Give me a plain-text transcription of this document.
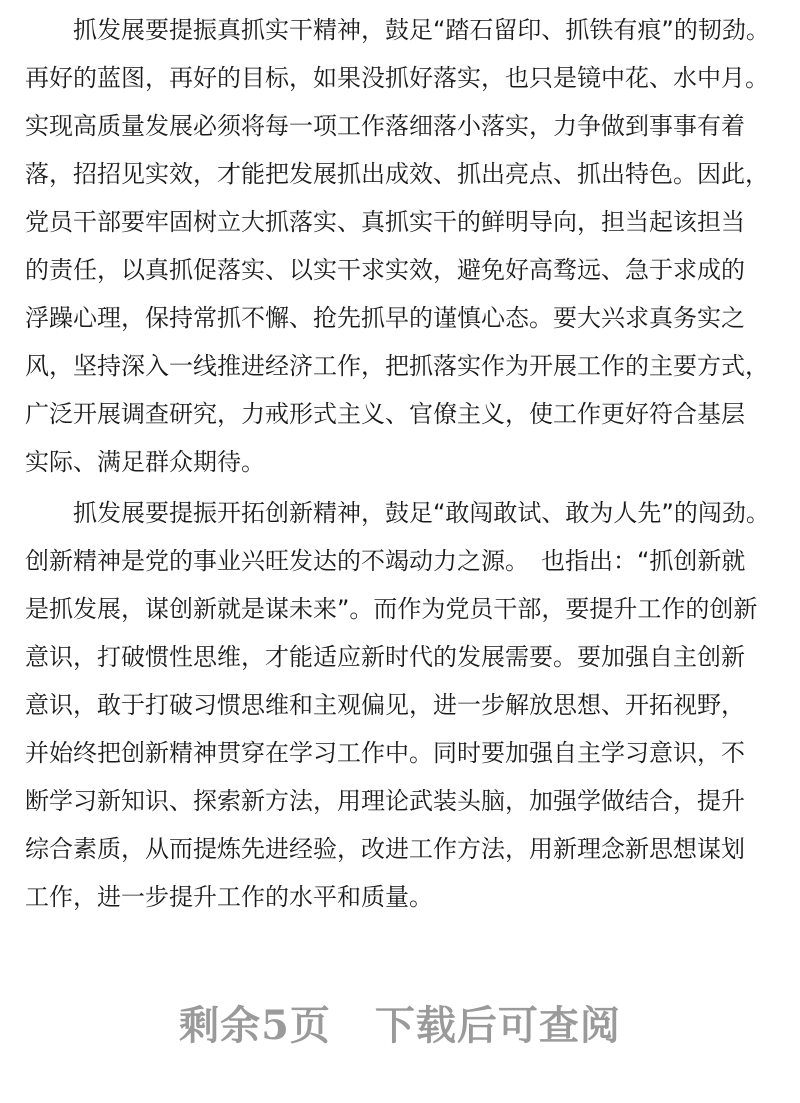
抓发展要提振真抓实干精神，鼓足“踏石留印、抓铁有痕”的韧劲。
再好的蓝图，再好的目标，如果没抓好落实，也只是镜中花、水中月。
实现高质量发展必须将每一项工作落细落小落实，力争做到事事有着
落，招招见实效，才能把发展抓出成效、抓出亮点、抓出特色。因此，
党员干部要牢固树立大抓落实、真抓实干的鲜明导向，担当起该担当
的责任，以真抓促落实、以实干求实效，避免好高骛远、急于求成的
浮躁心理，保持常抓不懈、抢先抓早的谨慎心态。要大兴求真务实之
风，坚持深入一线推进经济工作，把抓落实作为开展工作的主要方式，
广泛开展调查研究，力戒形式主义、官僚主义，使工作更好符合基层
实际、满足群众期待。
抓发展要提振开拓创新精神，鼓足“敢闯敢试、敢为人先”的闯劲。
创新精神是党的事业兴旺发达的不竭动力之源。　也指出：“抓创新就
是抓发展，谋创新就是谋未来”。而作为党员干部，要提升工作的创新
意识，打破惯性思维，才能适应新时代的发展需要。要加强自主创新
意识，敢于打破习惯思维和主观偏见，进一步解放思想、开拓视野，
并始终把创新精神贯穿在学习工作中。同时要加强自主学习意识，不
断学习新知识、探索新方法，用理论武装头脑，加强学做结合，提升
综合素质，从而提炼先进经验，改进工作方法，用新理念新思想谋划
工作，进一步提升工作的水平和质量。
剩余5页 下载后可查阅
